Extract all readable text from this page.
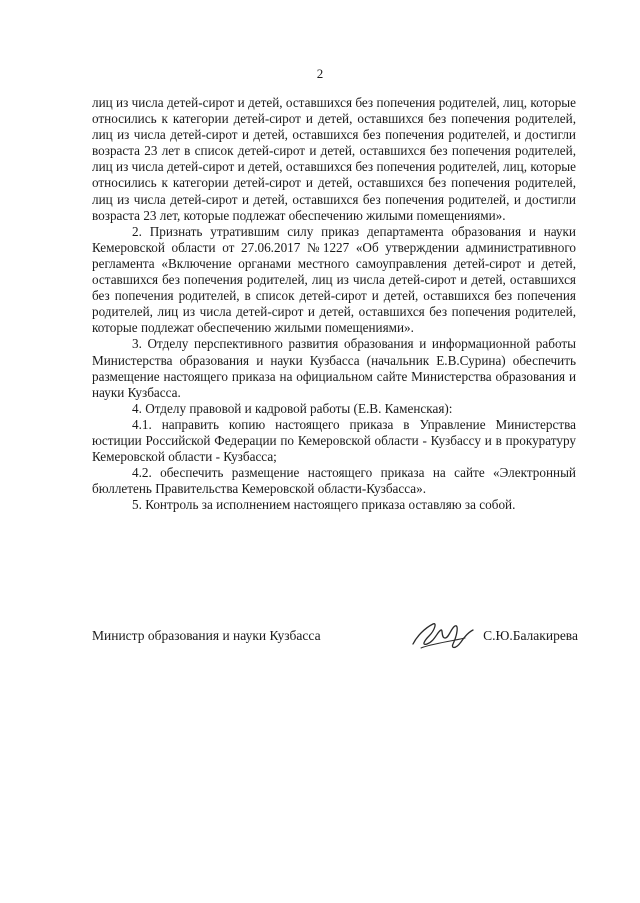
2

лиц из числа детей-сирот и детей, оставшихся без попечения родителей, лиц, которые относились к категории детей-сирот и детей, оставшихся без попечения родителей, лиц из числа детей-сирот и детей, оставшихся без попечения родителей, и достигли возраста 23 лет в список детей-сирот и детей, оставшихся без попечения родителей, лиц из числа детей-сирот и детей, оставшихся без попечения родителей, лиц, которые относились к категории детей-сирот и детей, оставшихся без попечения родителей, лиц из числа детей-сирот и детей, оставшихся без попечения родителей, и достигли возраста 23 лет, которые подлежат обеспечению жилыми помещениями».

2. Признать утратившим силу приказ департамента образования и науки Кемеровской области от 27.06.2017 №1227 «Об утверждении административного регламента «Включение органами местного самоуправления детей-сирот и детей, оставшихся без попечения родителей, лиц из числа детей-сирот и детей, оставшихся без попечения родителей, в список детей-сирот и детей, оставшихся без попечения родителей, лиц из числа детей-сирот и детей, оставшихся без попечения родителей, которые подлежат обеспечению жилыми помещениями».

3. Отделу перспективного развития образования и информационной работы Министерства образования и науки Кузбасса (начальник Е.В.Сурина) обеспечить размещение настоящего приказа на официальном сайте Министерства образования и науки Кузбасса.

4. Отделу правовой и кадровой работы (Е.В. Каменская):

4.1. направить копию настоящего приказа в Управление Министерства юстиции Российской Федерации по Кемеровской области - Кузбассу и в прокуратуру Кемеровской области - Кузбасса;

4.2. обеспечить размещение настоящего приказа на сайте «Электронный бюллетень Правительства Кемеровской области-Кузбасса».

5. Контроль за исполнением настоящего приказа оставляю за собой.

Министр образования и науки Кузбасса	С.Ю.Балакирева
